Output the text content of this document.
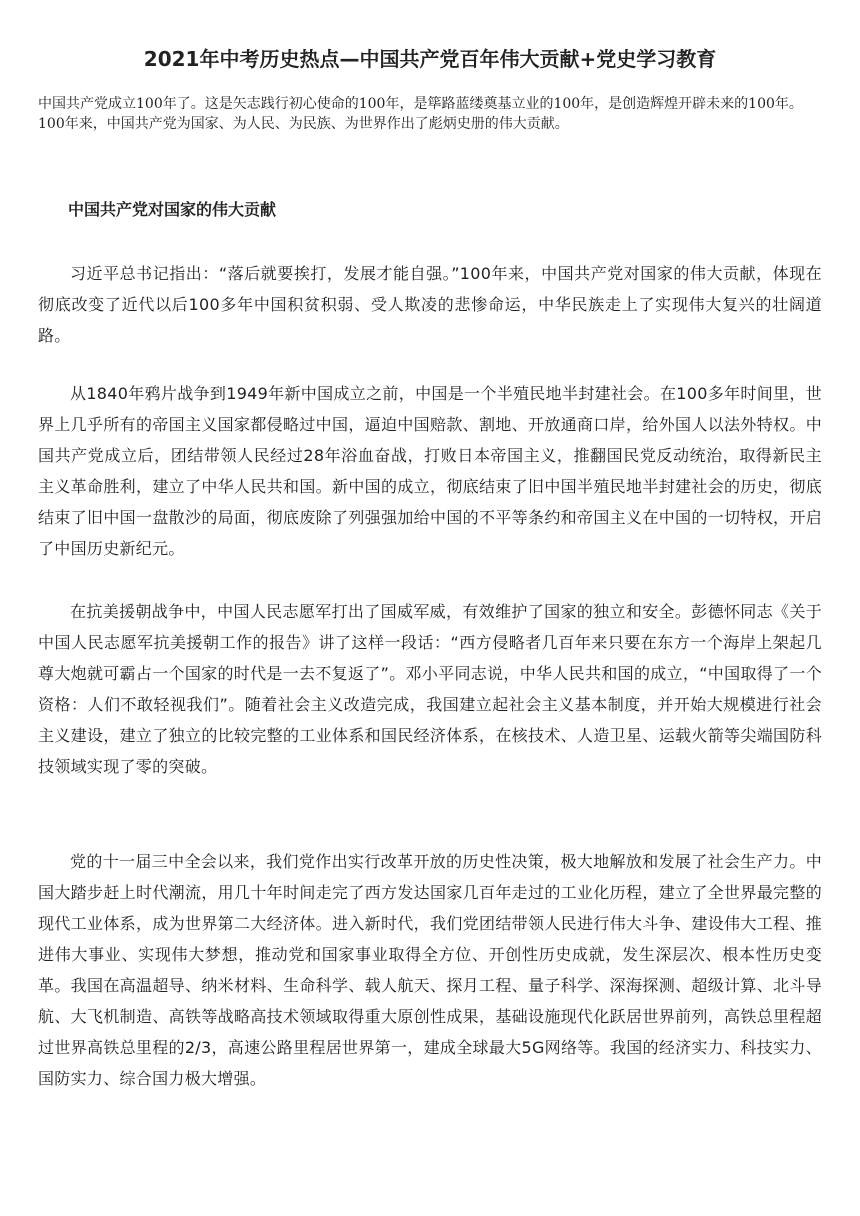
2021年中考历史热点—中国共产党百年伟大贡献+党史学习教育

中国共产党成立100年了。这是矢志践行初心使命的100年，是筚路蓝缕奠基立业的100年，是创造辉煌开辟未来的100年。100年来，中国共产党为国家、为人民、为民族、为世界作出了彪炳史册的伟大贡献。

中国共产党对国家的伟大贡献

习近平总书记指出：“落后就要挨打，发展才能自强。”100年来，中国共产党对国家的伟大贡献，体现在彻底改变了近代以后100多年中国积贫积弱、受人欺凌的悲惨命运，中华民族走上了实现伟大复兴的壮阔道路。

从1840年鸦片战争到1949年新中国成立之前，中国是一个半殖民地半封建社会。在100多年时间里，世界上几乎所有的帝国主义国家都侵略过中国，逼迫中国赔款、割地、开放通商口岸，给外国人以法外特权。中国共产党成立后，团结带领人民经过28年浴血奋战，打败日本帝国主义，推翻国民党反动统治，取得新民主主义革命胜利，建立了中华人民共和国。新中国的成立，彻底结束了旧中国半殖民地半封建社会的历史，彻底结束了旧中国一盘散沙的局面，彻底废除了列强强加给中国的不平等条约和帝国主义在中国的一切特权，开启了中国历史新纪元。

在抗美援朝战争中，中国人民志愿军打出了国威军威，有效维护了国家的独立和安全。彭德怀同志《关于中国人民志愿军抗美援朝工作的报告》讲了这样一段话：“西方侵略者几百年来只要在东方一个海岸上架起几尊大炮就可霸占一个国家的时代是一去不复返了”。邓小平同志说，中华人民共和国的成立，“中国取得了一个资格：人们不敢轻视我们”。随着社会主义改造完成，我国建立起社会主义基本制度，并开始大规模进行社会主义建设，建立了独立的比较完整的工业体系和国民经济体系，在核技术、人造卫星、运载火箭等尖端国防科技领域实现了零的突破。

党的十一届三中全会以来，我们党作出实行改革开放的历史性决策，极大地解放和发展了社会生产力。中国大踏步赶上时代潮流，用几十年时间走完了西方发达国家几百年走过的工业化历程，建立了全世界最完整的现代工业体系，成为世界第二大经济体。进入新时代，我们党团结带领人民进行伟大斗争、建设伟大工程、推进伟大事业、实现伟大梦想，推动党和国家事业取得全方位、开创性历史成就，发生深层次、根本性历史变革。我国在高温超导、纳米材料、生命科学、载人航天、探月工程、量子科学、深海探测、超级计算、北斗导航、大飞机制造、高铁等战略高技术领域取得重大原创性成果，基础设施现代化跃居世界前列，高铁总里程超过世界高铁总里程的2/3，高速公路里程居世界第一，建成全球最大5G网络等。我国的经济实力、科技实力、国防实力、综合国力极大增强。
